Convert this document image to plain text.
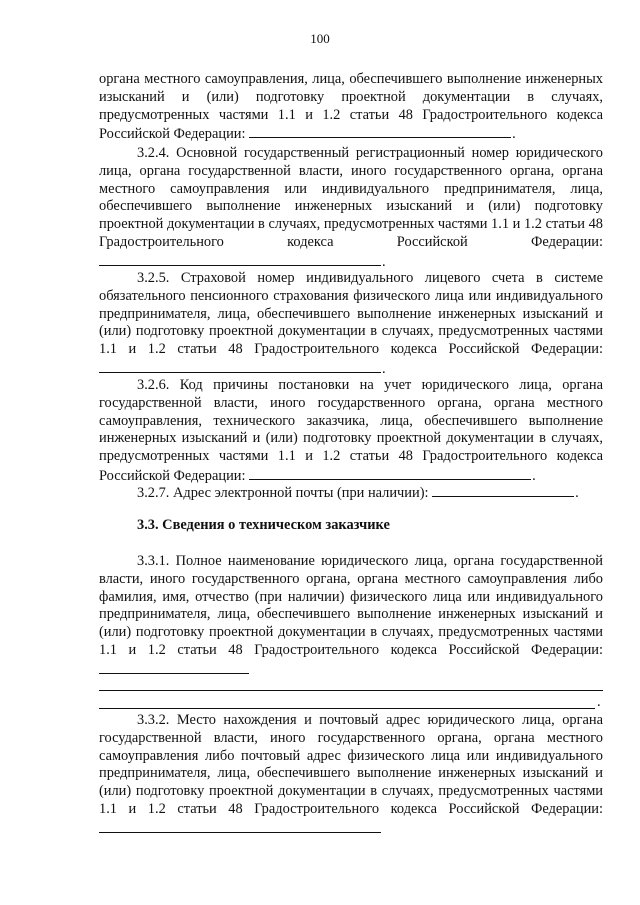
100

органа местного самоуправления, лица, обеспечившего выполнение инженерных изысканий и (или) подготовку проектной документации в случаях, предусмотренных частями 1.1 и 1.2 статьи 48 Градостроительного кодекса Российской Федерации:	.

3.2.4. Основной государственный регистрационный номер юридического лица, органа государственной власти, иного государственного органа, органа местного самоуправления или индивидуального предпринимателя, лица, обеспечившего выполнение инженерных изысканий и (или) подготовку проектной документации в случаях, предусмотренных частями 1.1 и 1.2 статьи 48 Градостроительного кодекса Российской Федерации: .

3.2.5. Страховой номер индивидуального лицевого счета в системе обязательного пенсионного страхования физического лица или индивидуального предпринимателя, лица, обеспечившего выполнение инженерных изысканий и (или) подготовку проектной документации в случаях, предусмотренных частями 1.1 и 1.2 статьи 48 Градостроительного кодекса Российской Федерации: .

3.2.6. Код причины постановки на учет юридического лица, органа государственной власти, иного государственного органа, органа местного самоуправления, технического заказчика, лица, обеспечившего выполнение инженерных изысканий и (или) подготовку проектной документации в случаях, предусмотренных частями 1.1 и 1.2 статьи 48 Градостроительного кодекса Российской Федерации:	.

3.2.7. Адрес электронной почты (при наличии):	.

3.3. Сведения о техническом заказчике

3.3.1. Полное наименование юридического лица, органа государственной власти, иного государственного органа, органа местного самоуправления либо фамилия, имя, отчество (при наличии) физического лица или индивидуального предпринимателя, лица, обеспечившего выполнение инженерных изысканий и (или) подготовку проектной документации в случаях, предусмотренных частями 1.1 и 1.2 статьи 48 Градостроительного кодекса Российской Федерации:

.

3.3.2. Место нахождения и почтовый адрес юридического лица, органа государственной власти, иного государственного органа, органа местного самоуправления либо почтовый адрес физического лица или индивидуального предпринимателя, лица, обеспечившего выполнение инженерных изысканий и (или) подготовку проектной документации в случаях, предусмотренных частями 1.1 и 1.2 статьи 48 Градостроительного кодекса Российской Федерации:
